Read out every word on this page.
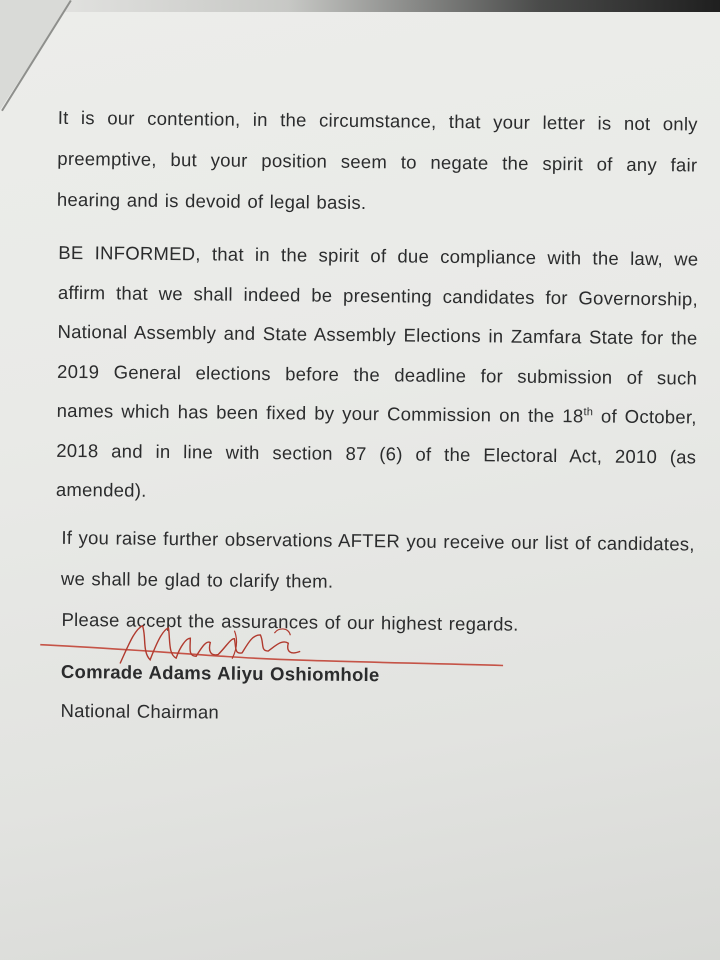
It is our contention, in the circumstance, that your letter is not only
preemptive, but your position seem to negate the spirit of any fair
hearing and is devoid of legal basis.
BE INFORMED, that in the spirit of due compliance with the law, we
affirm that we shall indeed be presenting candidates for Governorship,
National Assembly and State Assembly Elections in Zamfara State for the
2019 General elections before the deadline for submission of such
names which has been fixed by your Commission on the 18th of October,
2018 and in line with section 87 (6) of the Electoral Act, 2010 (as
amended).
If you raise further observations AFTER you receive our list of candidates,
we shall be glad to clarify them.
Please accept the assurances of our highest regards.
Comrade Adams Aliyu Oshiomhole
National Chairman
